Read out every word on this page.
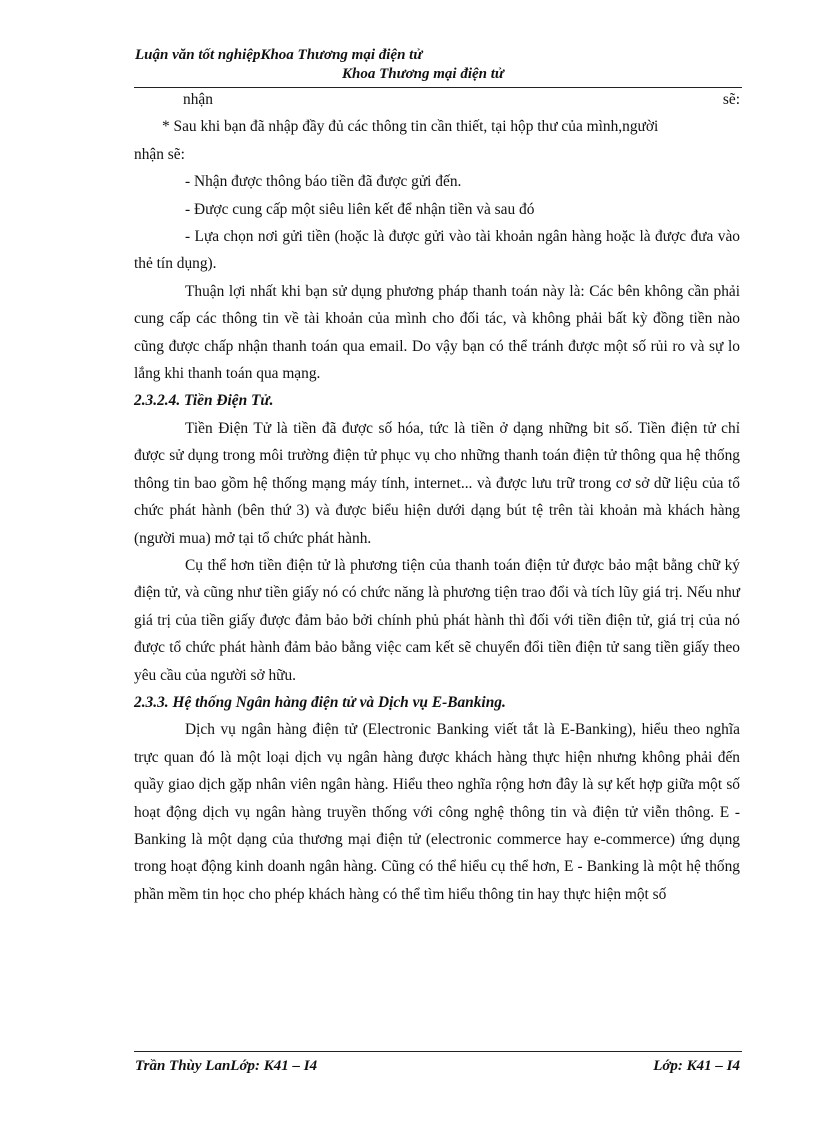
Luận văn tốt nghiệpKhoa Thương mại điện tử
Khoa Thương mại điện tử
nhận	sẽ:
* Sau khi bạn đã nhập đầy đủ các thông tin cần thiết, tại hộp thư của mình,người
nhận sẽ:
- Nhận được thông báo tiền đã được gửi đến.
- Được cung cấp một siêu liên kết để nhận tiền và sau đó

- Lựa chọn nơi gửi tiền (hoặc là được gửi vào tài khoản ngân hàng hoặc là được đưa vào thẻ tín dụng).

Thuận lợi nhất khi bạn sử dụng phương pháp thanh toán này là: Các bên không cần phải cung cấp các thông tin về tài khoản của mình cho đối tác, và không phải bất kỳ đồng tiền nào cũng được chấp nhận thanh toán qua email. Do vậy bạn có thể tránh được một số rủi ro và sự lo lắng khi thanh toán qua mạng.

2.3.2.4. Tiền Điện Tử.

Tiền Điện Tử là tiền đã được số hóa, tức là tiền ở dạng những bit số. Tiền điện tử chỉ được sử dụng trong môi trường điện tử phục vụ cho những thanh toán điện tử thông qua hệ thống thông tin bao gồm hệ thống mạng máy tính, internet... và được lưu trữ trong cơ sở dữ liệu của tổ chức phát hành (bên thứ 3) và được biểu hiện dưới dạng bút tệ trên tài khoản mà khách hàng (người mua) mở tại tổ chức phát hành.

Cụ thể hơn tiền điện tử là phương tiện của thanh toán điện tử được bảo mật bằng chữ ký điện tử, và cũng như tiền giấy nó có chức năng là phương tiện trao đổi và tích lũy giá trị. Nếu như giá trị của tiền giấy được đảm bảo bởi chính phủ phát hành thì đối với tiền điện tử, giá trị của nó được tổ chức phát hành đảm bảo bằng việc cam kết sẽ chuyển đổi tiền điện tử sang tiền giấy theo yêu cầu của người sở hữu.

2.3.3. Hệ thống Ngân hàng điện tử và Dịch vụ E-Banking.

Dịch vụ ngân hàng điện tử (Electronic Banking viết tắt là E-Banking), hiểu theo nghĩa trực quan đó là một loại dịch vụ ngân hàng được khách hàng thực hiện nhưng không phải đến quầy giao dịch gặp nhân viên ngân hàng. Hiểu theo nghĩa rộng hơn đây là sự kết hợp giữa một số hoạt động dịch vụ ngân hàng truyền thống với công nghệ thông tin và điện tử viễn thông. E - Banking là một dạng của thương mại điện tử (electronic commerce hay e-commerce) ứng dụng trong hoạt động kinh doanh ngân hàng. Cũng có thể hiểu cụ thể hơn, E - Banking là một hệ thống phần mềm tin học cho phép khách hàng có thể tìm hiểu thông tin hay thực hiện một số

Trần Thùy LanLớp: K41 – I4	Lớp: K41 – I4
